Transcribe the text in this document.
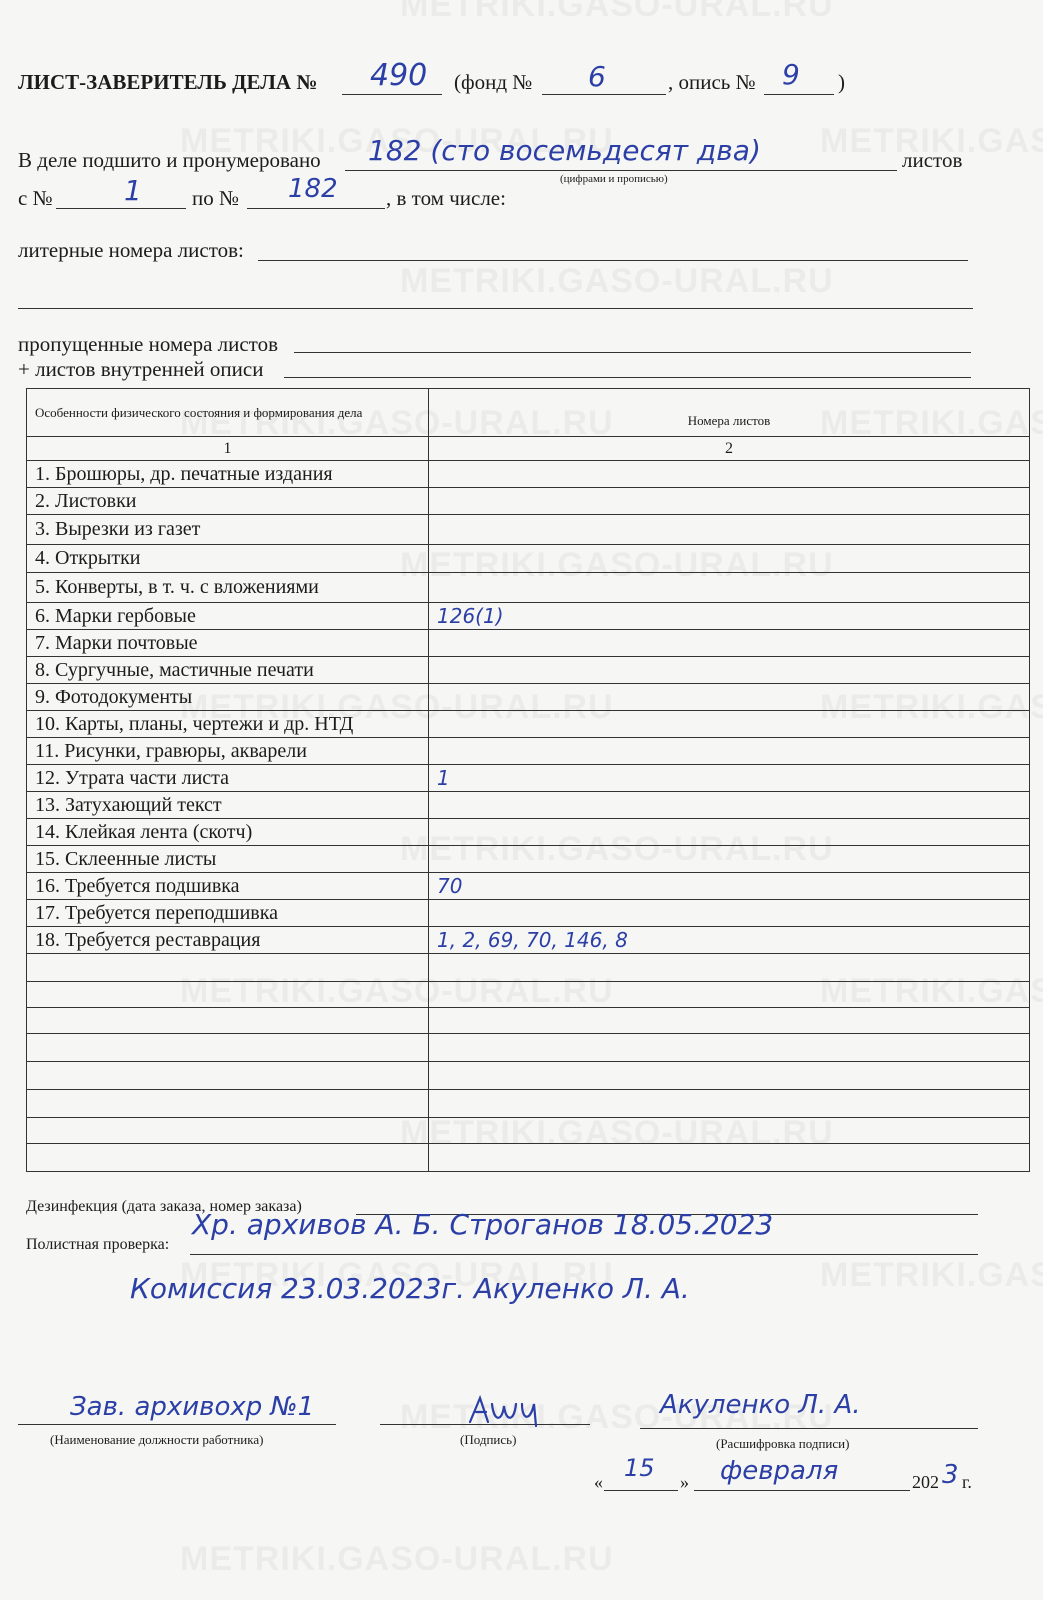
ЛИСТ-ЗАВЕРИТЕЛЬ ДЕЛА № 490 (фонд № 6	, опись № 9 )
В деле подшито и пронумеровано 182 (сто восемьдесят два)
(цифрами и прописью)
листов
с №	1 по № 182 , в том числе:
литерные номера листов:
пропущенные номера листов
+ листов внутренней описи
Особенности физического состояния и формирования дела	Номера листов
1	2
1. Брошюры, др. печатные издания	
2. Листовки	
3. Вырезки из газет	
4. Открытки	
5. Конверты, в т. ч. с вложениями	
6. Марки гербовые	126(1)
7. Марки почтовые	
8. Сургучные, мастичные печати	
9. Фотодокументы	
10. Карты, планы, чертежи и др. НТД	
11. Рисунки, гравюры, акварели	
12. Утрата части листа	1
13. Затухающий текст	
14. Клейкая лента (скотч)	
15. Склеенные листы	
16. Требуется подшивка	70
17. Требуется переподшивка	
18. Требуется реставрация	1, 2, 69, 70, 146, 8

Дезинфекция (дата заказа, номер заказа)
Полистная проверка:
Хр. архивов А. Б. Строганов 18.05.2023
Комиссия 23.03.2023г. Акуленко Л. А.
Зав. архивохр №1
(Наименование должности работника)	(Подпись)
Акуленко Л. А.
(Расшифровка подписи)
« 15 » февраля	202 3 г.
